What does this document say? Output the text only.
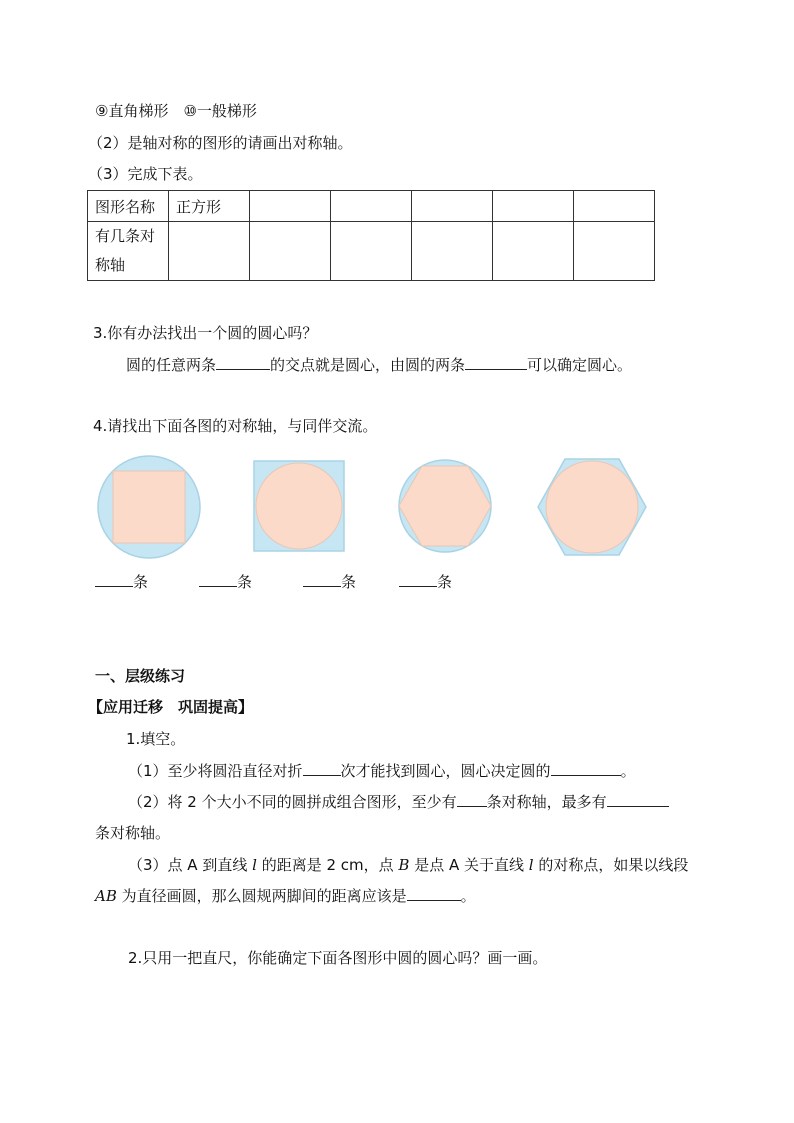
⑨直角梯形　⑩一般梯形
（2）是轴对称的图形的请画出对称轴。
（3）完成下表。
图形名称	正方形					
有几条对
称轴						
3.你有办法找出一个圆的圆心吗？
圆的任意两条	的交点就是圆心，由圆的两条	可以确定圆心。
4.请找出下面各图的对称轴，与同伴交流。
条	条	条	条
一、层级练习
【应用迁移　巩固提高】
1.填空。
（1）至少将圆沿直径对折	次才能找到圆心，圆心决定圆的	。
（2）将 2 个大小不同的圆拼成组合图形，至少有 条对称轴，最多有
条对称轴。
（3）点 A 到直线 l 的距离是 2 cm，点 B 是点 A 关于直线 l 的对称点，如果以线段
AB 为直径画圆，那么圆规两脚间的距离应该是	。
2.只用一把直尺，你能确定下面各图形中圆的圆心吗？画一画。
